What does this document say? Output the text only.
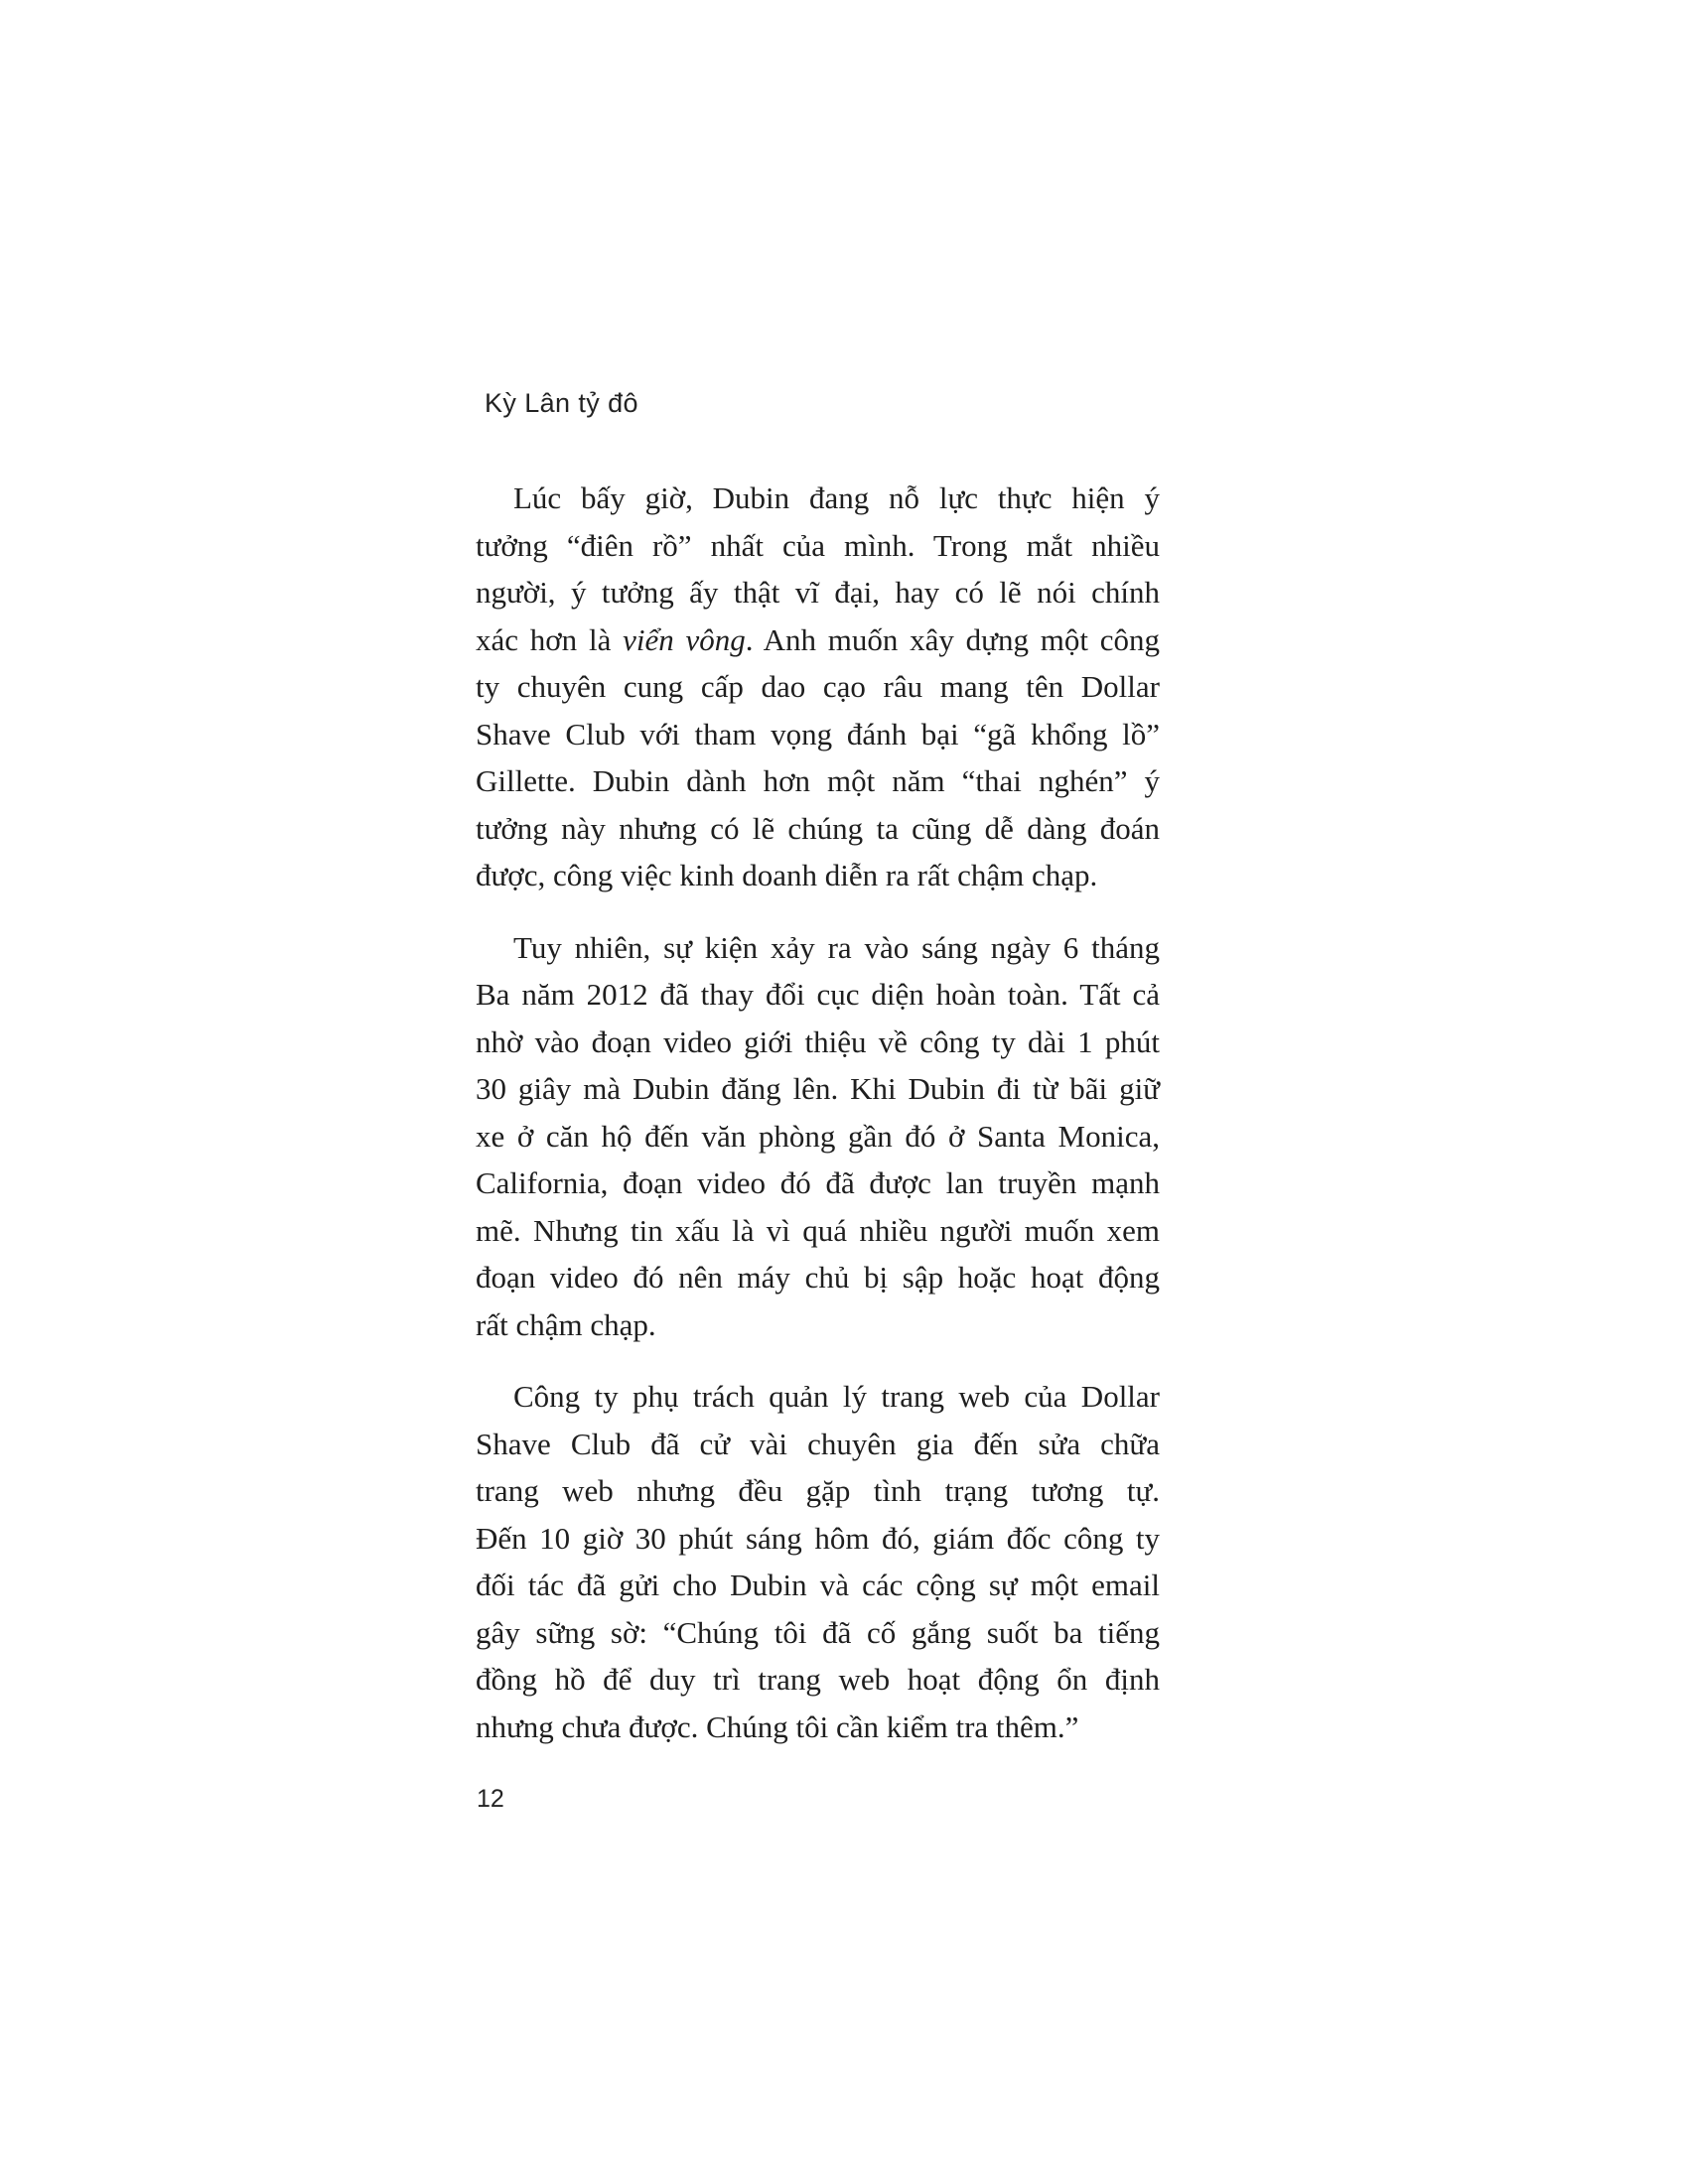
Kỳ Lân tỷ đô
Lúc bấy giờ, Dubin đang nỗ lực thực hiện ý
tưởng “điên rồ” nhất của mình. Trong mắt nhiều
người, ý tưởng ấy thật vĩ đại, hay có lẽ nói chính
xác hơn là viển vông. Anh muốn xây dựng một công
ty chuyên cung cấp dao cạo râu mang tên Dollar
Shave Club với tham vọng đánh bại “gã khổng lồ”
Gillette. Dubin dành hơn một năm “thai nghén” ý
tưởng này nhưng có lẽ chúng ta cũng dễ dàng đoán
được, công việc kinh doanh diễn ra rất chậm chạp.
Tuy nhiên, sự kiện xảy ra vào sáng ngày 6 tháng
Ba năm 2012 đã thay đổi cục diện hoàn toàn. Tất cả
nhờ vào đoạn video giới thiệu về công ty dài 1 phút
30 giây mà Dubin đăng lên. Khi Dubin đi từ bãi giữ
xe ở căn hộ đến văn phòng gần đó ở Santa Monica,
California, đoạn video đó đã được lan truyền mạnh
mẽ. Nhưng tin xấu là vì quá nhiều người muốn xem
đoạn video đó nên máy chủ bị sập hoặc hoạt động
rất chậm chạp.
Công ty phụ trách quản lý trang web của Dollar
Shave Club đã cử vài chuyên gia đến sửa chữa
trang web nhưng đều gặp tình trạng tương tự.
Đến 10 giờ 30 phút sáng hôm đó, giám đốc công ty
đối tác đã gửi cho Dubin và các cộng sự một email
gây sững sờ: “Chúng tôi đã cố gắng suốt ba tiếng
đồng hồ để duy trì trang web hoạt động ổn định
nhưng chưa được. Chúng tôi cần kiểm tra thêm.”
12
